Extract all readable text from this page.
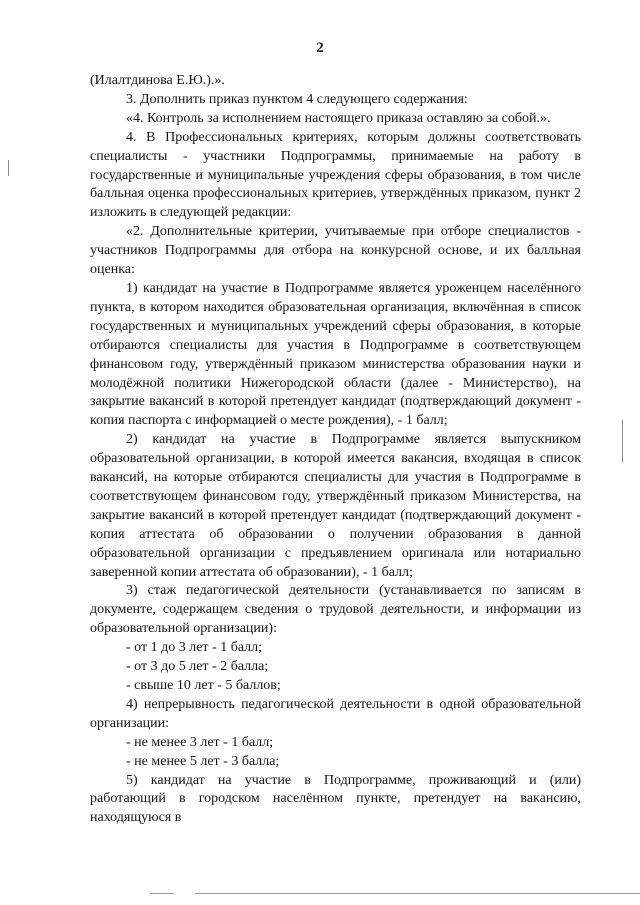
2

(Илалтдинова Е.Ю.).».

3. Дополнить приказ пунктом 4 следующего содержания:

«4. Контроль за исполнением настоящего приказа оставляю за собой.».

4. В Профессиональных критериях, которым должны соответствовать специалисты - участники Подпрограммы, принимаемые на работу в государственные и муниципальные учреждения сферы образования, в том числе балльная оценка профессиональных критериев, утверждённых приказом, пункт 2 изложить в следующей редакции:

«2. Дополнительные критерии, учитываемые при отборе специалистов - участников Подпрограммы для отбора на конкурсной основе, и их балльная оценка:

1) кандидат на участие в Подпрограмме является уроженцем населённого пункта, в котором находится образовательная организация, включённая в список государственных и муниципальных учреждений сферы образования, в которые отбираются специалисты для участия в Подпрограмме в соответствующем финансовом году, утверждённый приказом министерства образования науки и молодёжной политики Нижегородской области (далее - Министерство), на закрытие вакансий в которой претендует кандидат (подтверждающий документ - копия паспорта с информацией о месте рождения), - 1 балл;

2) кандидат на участие в Подпрограмме является выпускником образовательной организации, в которой имеется вакансия, входящая в список вакансий, на которые отбираются специалисты для участия в Подпрограмме в соответствующем финансовом году, утверждённый приказом Министерства, на закрытие вакансий в которой претендует кандидат (подтверждающий документ - копия аттестата об образовании о получении образования в данной образовательной организации с предъявлением оригинала или нотариально заверенной копии аттестата об образовании), - 1 балл;

3) стаж педагогической деятельности (устанавливается по записям в документе, содержащем сведения о трудовой деятельности, и информации из образовательной организации):

- от 1 до 3 лет - 1 балл;

- от 3 до 5 лет - 2 балла;

- свыше 10 лет - 5 баллов;

4) непрерывность педагогической деятельности в одной образовательной организации:

- не менее 3 лет - 1 балл;

- не менее 5 лет - 3 балла;

5) кандидат на участие в Подпрограмме, проживающий и (или) работающий в городском населённом пункте, претендует на вакансию, находящуюся в
